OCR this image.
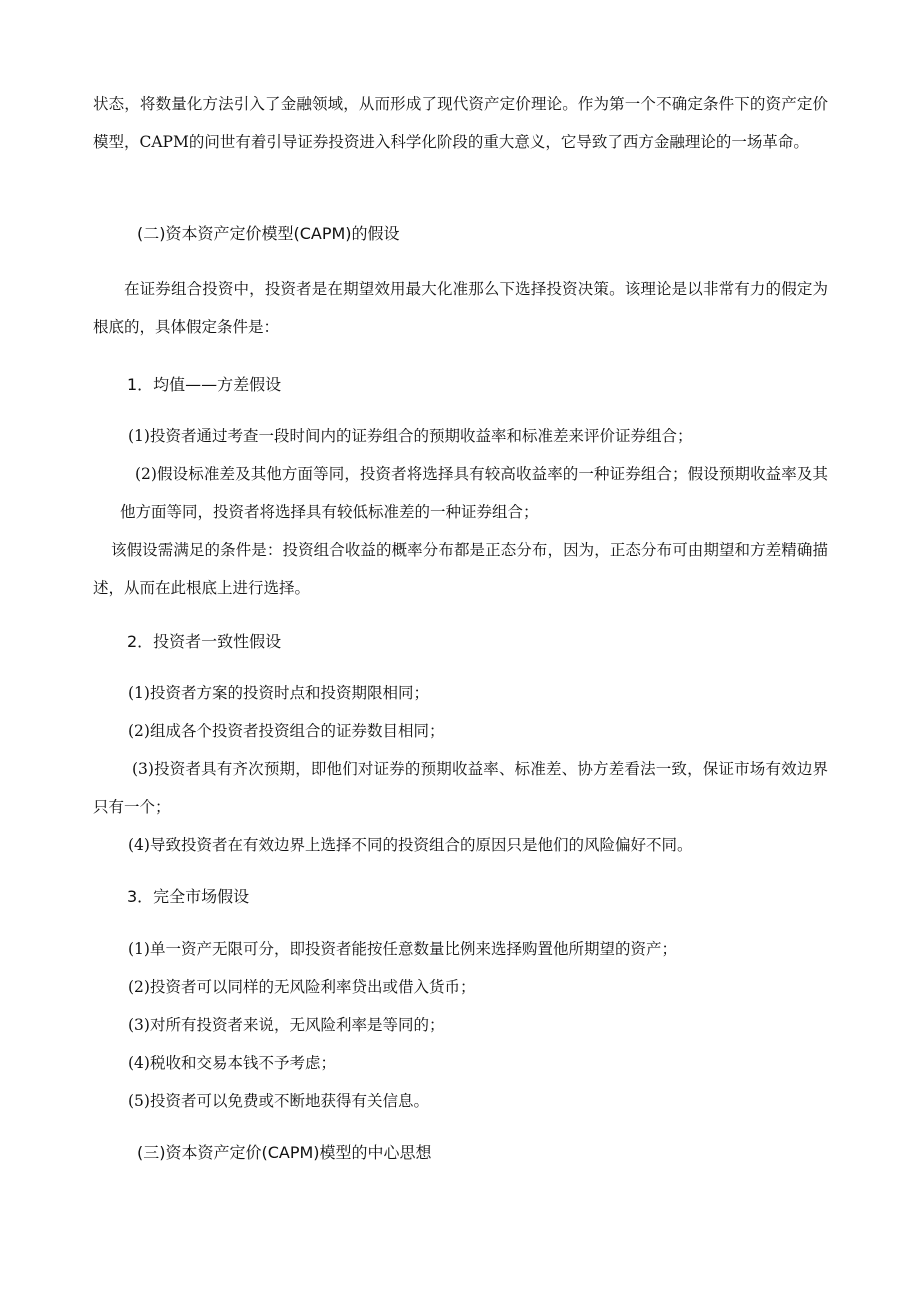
状态，将数量化方法引入了金融领域，从而形成了现代资产定价理论。作为第一个不确定条件下的资产定价模型，CAPM的问世有着引导证券投资进入科学化阶段的重大意义，它导致了西方金融理论的一场革命。

(二)资本资产定价模型(CAPM)的假设

在证券组合投资中，投资者是在期望效用最大化准那么下选择投资决策。该理论是以非常有力的假定为根底的，具体假定条件是：

1．均值——方差假设
(1)投资者通过考查一段时间内的证券组合的预期收益率和标准差来评价证券组合；

(2)假设标准差及其他方面等同，投资者将选择具有较高收益率的一种证券组合；假设预期收益率及其他方面等同，投资者将选择具有较低标准差的一种证券组合；

该假设需满足的条件是：投资组合收益的概率分布都是正态分布，因为，正态分布可由期望和方差精确描述，从而在此根底上进行选择。

2．投资者一致性假设
(1)投资者方案的投资时点和投资期限相同；
(2)组成各个投资者投资组合的证券数目相同；

(3)投资者具有齐次预期，即他们对证券的预期收益率、标准差、协方差看法一致，保证市场有效边界只有一个；

(4)导致投资者在有效边界上选择不同的投资组合的原因只是他们的风险偏好不同。
3．完全市场假设
(1)单一资产无限可分，即投资者能按任意数量比例来选择购置他所期望的资产；
(2)投资者可以同样的无风险利率贷出或借入货币；
(3)对所有投资者来说，无风险利率是等同的；
(4)税收和交易本钱不予考虑；
(5)投资者可以免费或不断地获得有关信息。
(三)资本资产定价(CAPM)模型的中心思想
